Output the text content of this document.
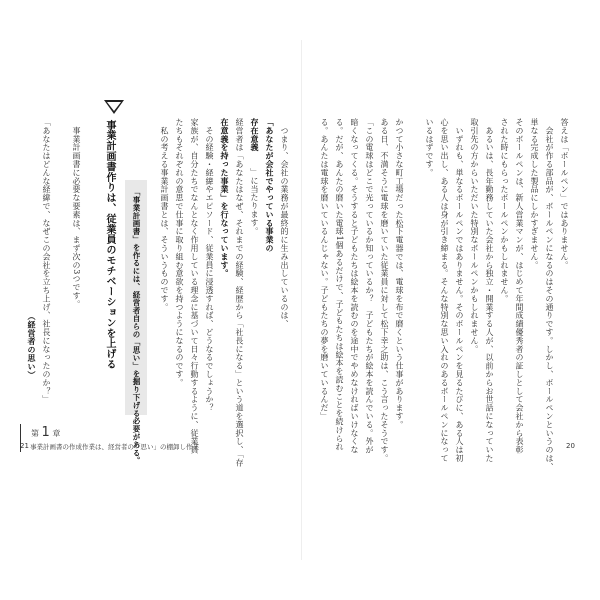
答えは「ボールペン」ではありません。
　会社が作る部品が、ボールペンになるのはその通りです。しかし、ボールペンというのは、
単なる完成した製品にしかすぎません。
そのボールペンは、新人営業マンが、はじめて年間成績優秀者の証しとして会社から表彰
された時にもらったボールペンかもしれません。
　あるいは、長年勤務していた会社から独立・開業する人が、以前からお世話になっていた
取引先の方からいただいた特別なボールペンかもしれません。
　いずれも、単なるボールペンではありません。そのボールペンを見るたびに、ある人は初
心を思い出し、ある人は身が引き締まる。そんな特別な思い入れのあるボールペンになって
いるはずです。
かつて小さな町工場だった松下電器では、電球を布で磨くという仕事があります。
ある日、不満そうに電球を磨いていた従業員に対して松下幸之助は、こう言ったそうです。
「この電球はどこで光っているか知っているか？　子どもたちが絵本を読んでいる。外が
暗くなってくる。そうすると子どもたちは絵本を読むのを途中でやめなければいけなくな
る。だが、あんたの磨いた電球1個あるだけで、子どもたちは絵本を読むことを続けられ
る。あんたは電球を磨いているんじゃない。子どもたちの夢を磨いているんだ」
　つまり、会社の業務が最終的に生み出しているのは、
「あなたが会社でやっている事業の
存在意義
」に当たります。
経営者は「あなたはなぜ、それまでの経験、経歴から「社長になる」という道を選択し、「存
在意義を持った事業」を行なっています。
　その経験・経緯やエピソード、従業員に浸透すれば、どうなるでしょうか？
家族が、自分たちでなんとなく作用している理念に基づいて日々行動するように、従業員
たちもそれぞれの意思で仕事に取り組む意欲を持つようになるのです。
　私の考える事業計画書とは、そういうものです。
「事業計画書」を作るには、経営者自らの「思い」を掘り下げる必要がある。
事業計画書作りは、従業員のモチベーションを上げる
　事業計画書に必要な要素は、まず次の3つです。
「あなたはどんな経緯で、なぜこの会社を立ち上げ、社長になったのか？」
（経営者の思い）
第 1 章
事業計画書の作成作業は、経営者の「思い」の棚卸し作業
21	20
